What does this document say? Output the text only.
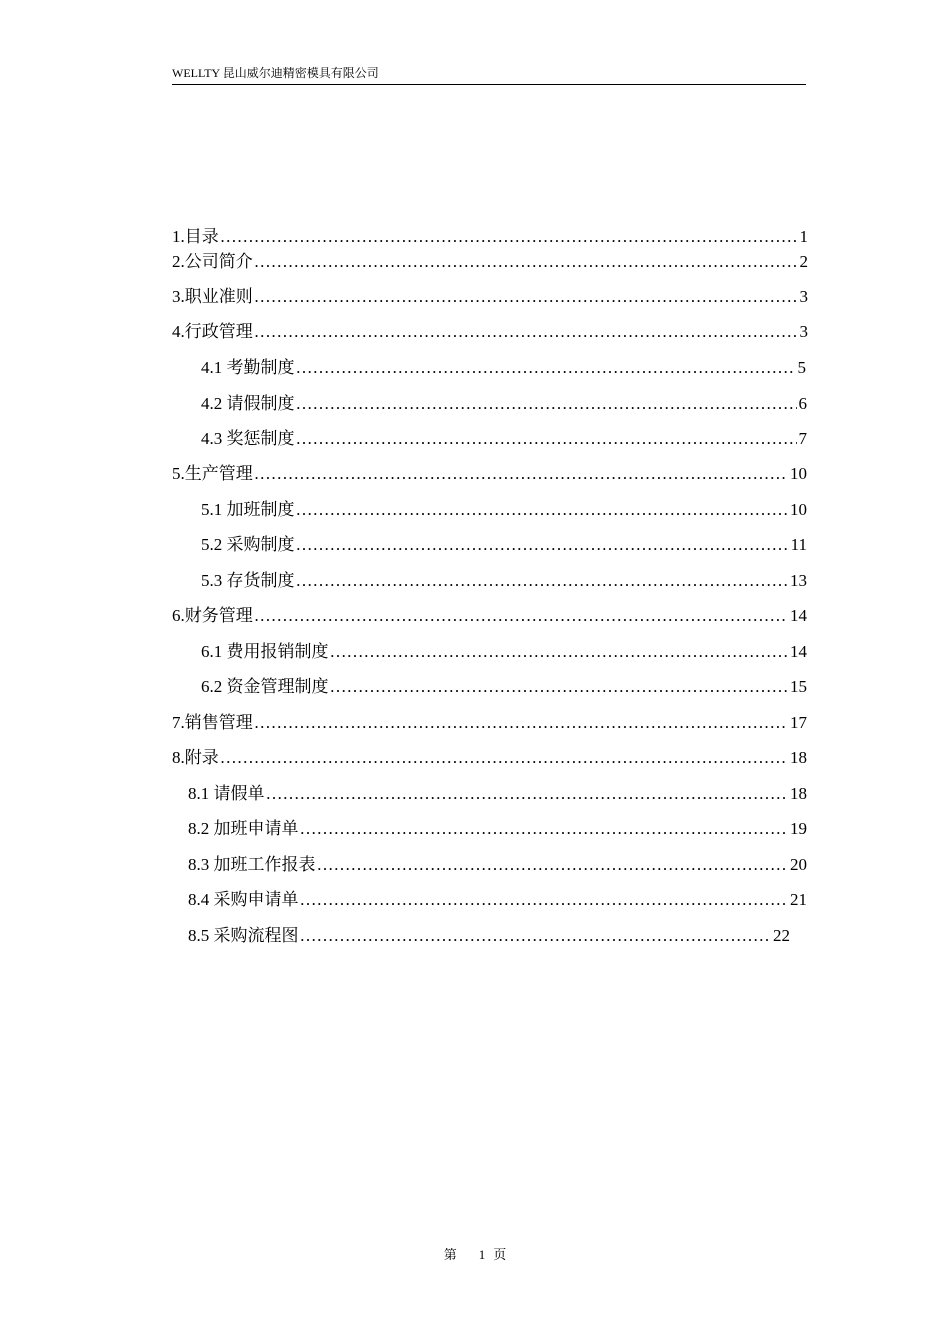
WELLTY 昆山威尔迪精密模具有限公司
1.目录 ……………………………………………………………………………………………………………………………………………………………………………………………………	1
2.公司简介 ……………………………………………………………………………………………………………………………………………………………………………………………………	2
3.职业准则 ……………………………………………………………………………………………………………………………………………………………………………………………………	3
4.行政管理 ……………………………………………………………………………………………………………………………………………………………………………………………………	3
4.1 考勤制度 ……………………………………………………………………………………………………………………………………………………………………………………………………	5
4.2 请假制度 ……………………………………………………………………………………………………………………………………………………………………………………………………	6
4.3 奖惩制度 ……………………………………………………………………………………………………………………………………………………………………………………………………	7
5.生产管理 ……………………………………………………………………………………………………………………………………………………………………………………………………	10
5.1 加班制度 ……………………………………………………………………………………………………………………………………………………………………………………………………	10
5.2 采购制度 ……………………………………………………………………………………………………………………………………………………………………………………………………	11
5.3 存货制度 ……………………………………………………………………………………………………………………………………………………………………………………………………	13
6.财务管理 ……………………………………………………………………………………………………………………………………………………………………………………………………	14
6.1 费用报销制度 ……………………………………………………………………………………………………………………………………………………………………………………………………	14
6.2 资金管理制度 ……………………………………………………………………………………………………………………………………………………………………………………………………	15
7.销售管理 ……………………………………………………………………………………………………………………………………………………………………………………………………	17
8.附录 ……………………………………………………………………………………………………………………………………………………………………………………………………	18
8.1 请假单 ……………………………………………………………………………………………………………………………………………………………………………………………………	18
8.2 加班申请单 ……………………………………………………………………………………………………………………………………………………………………………………………………	19
8.3 加班工作报表 ……………………………………………………………………………………………………………………………………………………………………………………………………	20
8.4 采购申请单 ……………………………………………………………………………………………………………………………………………………………………………………………………	21
8.5 采购流程图 ……………………………………………………………………………………………………………………………………………………………………………………………………	22
第 1 页
